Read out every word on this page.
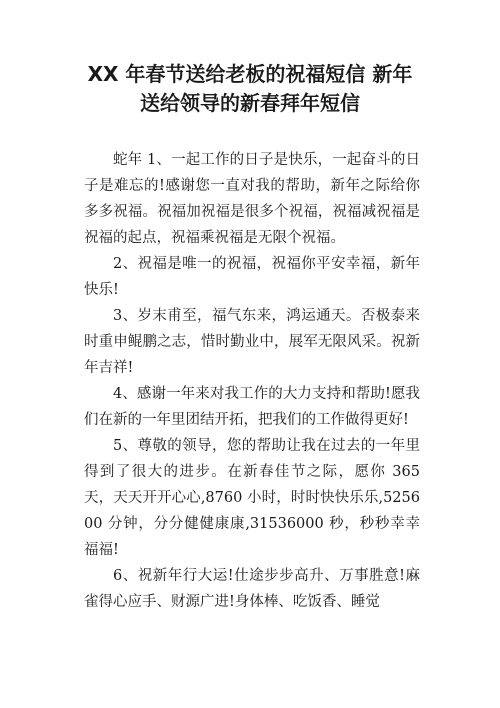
XX 年春节送给老板的祝福短信 新年
送给领导的新春拜年短信

蛇年 1、一起工作的日子是快乐，一起奋斗的日子是难忘的!感谢您一直对我的帮助，新年之际给你多多祝福。祝福加祝福是很多个祝福，祝福减祝福是祝福的起点，祝福乘祝福是无限个祝福。

2、祝福是唯一的祝福，祝福你平安幸福，新年快乐!

3、岁末甫至，福气东来，鸿运通天。否极泰来时重申鲲鹏之志，惜时勤业中，展军无限风采。祝新年吉祥!

4、感谢一年来对我工作的大力支持和帮助!愿我们在新的一年里团结开拓，把我们的工作做得更好!

5、尊敬的领导，您的帮助让我在过去的一年里得到了很大的进步。在新春佳节之际，愿你 365 天，天天开开心心,8760 小时，时时快快乐乐,525600 分钟，分分健健康康,31536000 秒，秒秒幸幸福福!

6、祝新年行大运!仕途步步高升、万事胜意!麻雀得心应手、财源广进!身体棒、吃饭香、睡觉
